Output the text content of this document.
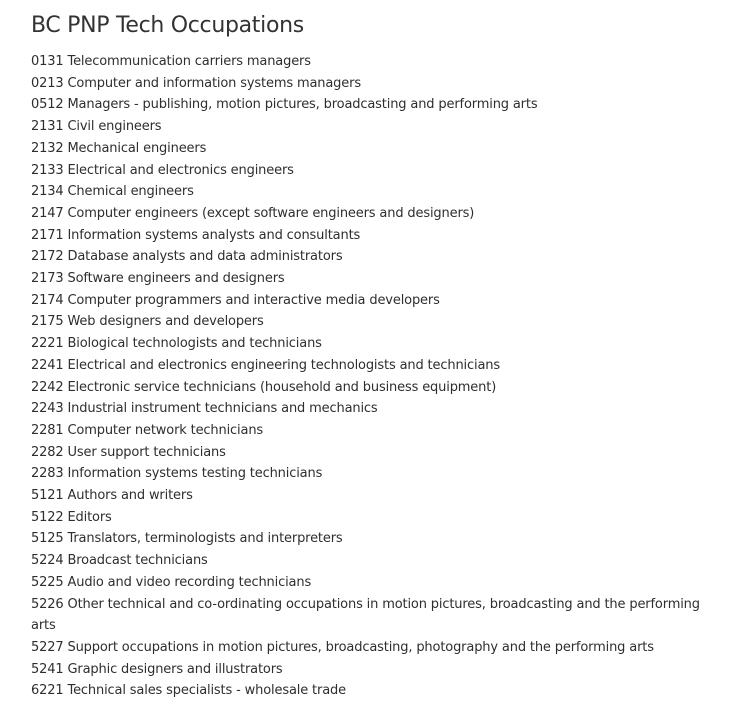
BC PNP Tech Occupations
0131 Telecommunication carriers managers
0213 Computer and information systems managers
0512 Managers - publishing, motion pictures, broadcasting and performing arts
2131 Civil engineers
2132 Mechanical engineers
2133 Electrical and electronics engineers
2134 Chemical engineers
2147 Computer engineers (except software engineers and designers)
2171 Information systems analysts and consultants
2172 Database analysts and data administrators
2173 Software engineers and designers
2174 Computer programmers and interactive media developers
2175 Web designers and developers
2221 Biological technologists and technicians
2241 Electrical and electronics engineering technologists and technicians
2242 Electronic service technicians (household and business equipment)
2243 Industrial instrument technicians and mechanics
2281 Computer network technicians
2282 User support technicians
2283 Information systems testing technicians
5121 Authors and writers
5122 Editors
5125 Translators, terminologists and interpreters
5224 Broadcast technicians
5225 Audio and video recording technicians
5226 Other technical and co-ordinating occupations in motion pictures, broadcasting and the performing arts
5227 Support occupations in motion pictures, broadcasting, photography and the performing arts
5241 Graphic designers and illustrators
6221 Technical sales specialists - wholesale trade
